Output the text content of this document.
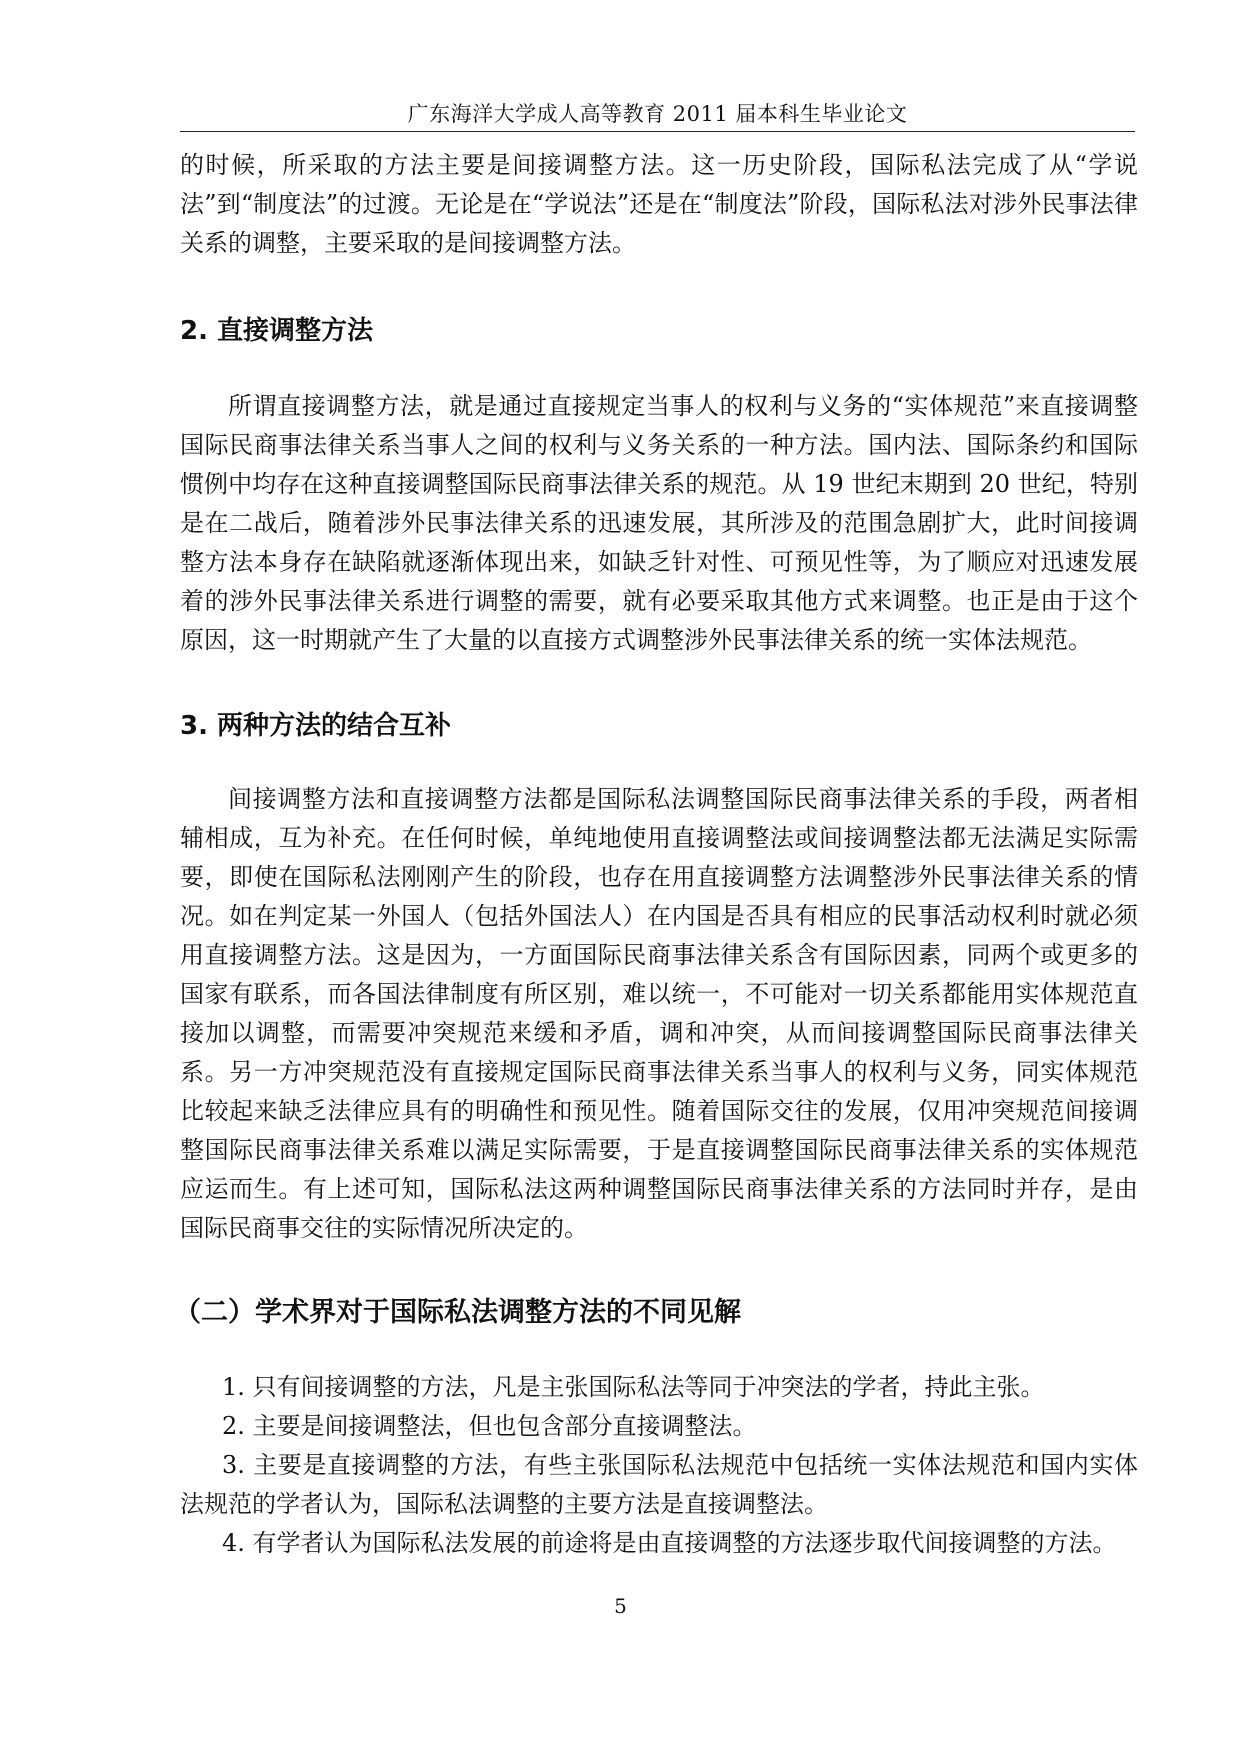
广东海洋大学成人高等教育 2011 届本科生毕业论文

的时候，所采取的方法主要是间接调整方法。这一历史阶段，国际私法完成了从“学说法”到“制度法”的过渡。无论是在“学说法”还是在“制度法”阶段，国际私法对涉外民事法律关系的调整，主要采取的是间接调整方法。

2. 直接调整方法

所谓直接调整方法，就是通过直接规定当事人的权利与义务的“实体规范”来直接调整国际民商事法律关系当事人之间的权利与义务关系的一种方法。国内法、国际条约和国际惯例中均存在这种直接调整国际民商事法律关系的规范。从 19 世纪末期到 20 世纪，特别是在二战后，随着涉外民事法律关系的迅速发展，其所涉及的范围急剧扩大，此时间接调整方法本身存在缺陷就逐渐体现出来，如缺乏针对性、可预见性等，为了顺应对迅速发展着的涉外民事法律关系进行调整的需要，就有必要采取其他方式来调整。也正是由于这个原因，这一时期就产生了大量的以直接方式调整涉外民事法律关系的统一实体法规范。

3. 两种方法的结合互补

间接调整方法和直接调整方法都是国际私法调整国际民商事法律关系的手段，两者相辅相成，互为补充。在任何时候，单纯地使用直接调整法或间接调整法都无法满足实际需要，即使在国际私法刚刚产生的阶段，也存在用直接调整方法调整涉外民事法律关系的情况。如在判定某一外国人（包括外国法人）在内国是否具有相应的民事活动权利时就必须用直接调整方法。这是因为，一方面国际民商事法律关系含有国际因素，同两个或更多的国家有联系，而各国法律制度有所区别，难以统一，不可能对一切关系都能用实体规范直接加以调整，而需要冲突规范来缓和矛盾，调和冲突，从而间接调整国际民商事法律关系。另一方冲突规范没有直接规定国际民商事法律关系当事人的权利与义务，同实体规范比较起来缺乏法律应具有的明确性和预见性。随着国际交往的发展，仅用冲突规范间接调整国际民商事法律关系难以满足实际需要，于是直接调整国际民商事法律关系的实体规范应运而生。有上述可知，国际私法这两种调整国际民商事法律关系的方法同时并存，是由国际民商事交往的实际情况所决定的。

（二）学术界对于国际私法调整方法的不同见解

1. 只有间接调整的方法，凡是主张国际私法等同于冲突法的学者，持此主张。

2. 主要是间接调整法，但也包含部分直接调整法。

3. 主要是直接调整的方法，有些主张国际私法规范中包括统一实体法规范和国内实体法规范的学者认为，国际私法调整的主要方法是直接调整法。

4. 有学者认为国际私法发展的前途将是由直接调整的方法逐步取代间接调整的方法。

5
